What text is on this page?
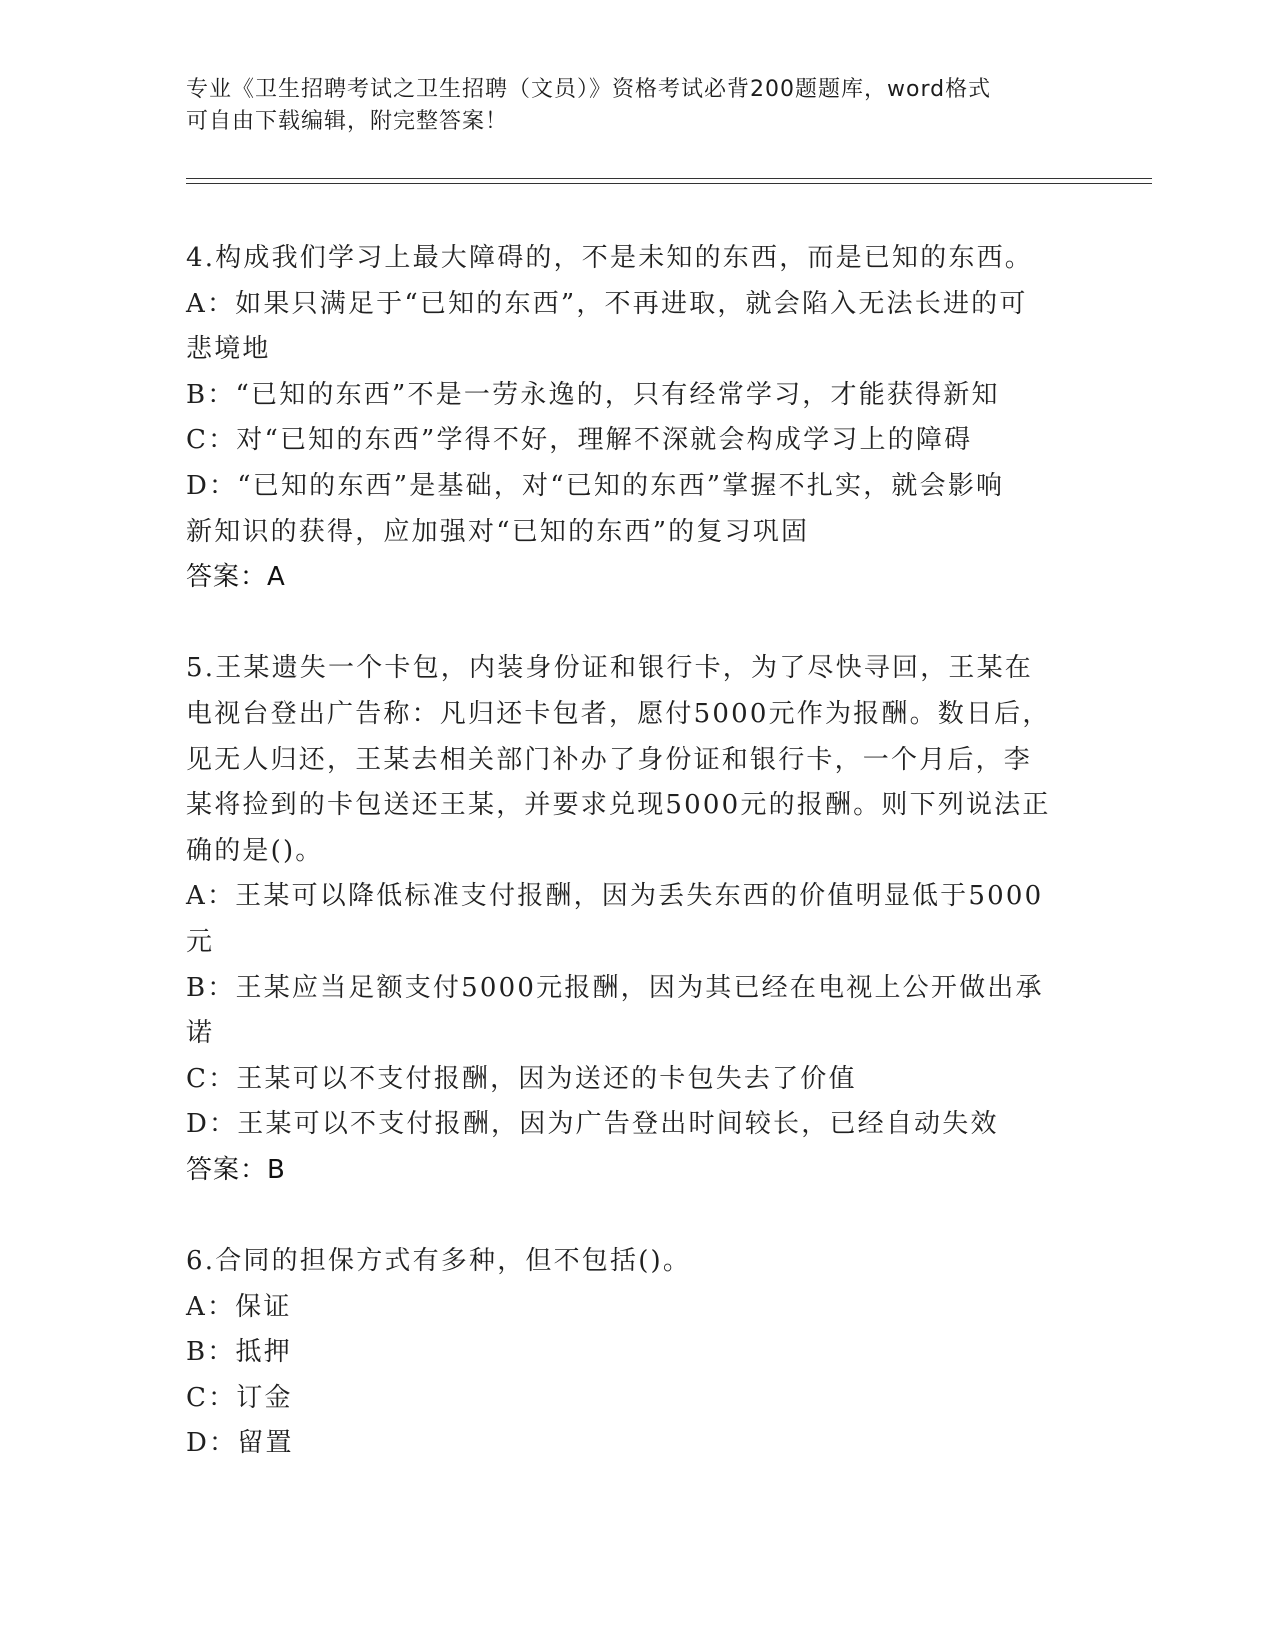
专业《卫生招聘考试之卫生招聘（文员）》资格考试必背200题题库，word格式
可自由下载编辑，附完整答案！
4.构成我们学习上最大障碍的，不是未知的东西，而是已知的东西。
A：如果只满足于“已知的东西”，不再进取，就会陷入无法长进的可
悲境地
B：“已知的东西”不是一劳永逸的，只有经常学习，才能获得新知
C：对“已知的东西”学得不好，理解不深就会构成学习上的障碍
D：“已知的东西”是基础，对“已知的东西”掌握不扎实，就会影响
新知识的获得，应加强对“已知的东西”的复习巩固
答案：A
5.王某遗失一个卡包，内装身份证和银行卡，为了尽快寻回，王某在
电视台登出广告称：凡归还卡包者，愿付5000元作为报酬。数日后，
见无人归还，王某去相关部门补办了身份证和银行卡，一个月后，李
某将捡到的卡包送还王某，并要求兑现5000元的报酬。则下列说法正
确的是()。
A：王某可以降低标准支付报酬，因为丢失东西的价值明显低于5000
元
B：王某应当足额支付5000元报酬，因为其已经在电视上公开做出承
诺
C：王某可以不支付报酬，因为送还的卡包失去了价值
D：王某可以不支付报酬，因为广告登出时间较长，已经自动失效
答案：B
6.合同的担保方式有多种，但不包括()。
A：保证
B：抵押
C：订金
D：留置
